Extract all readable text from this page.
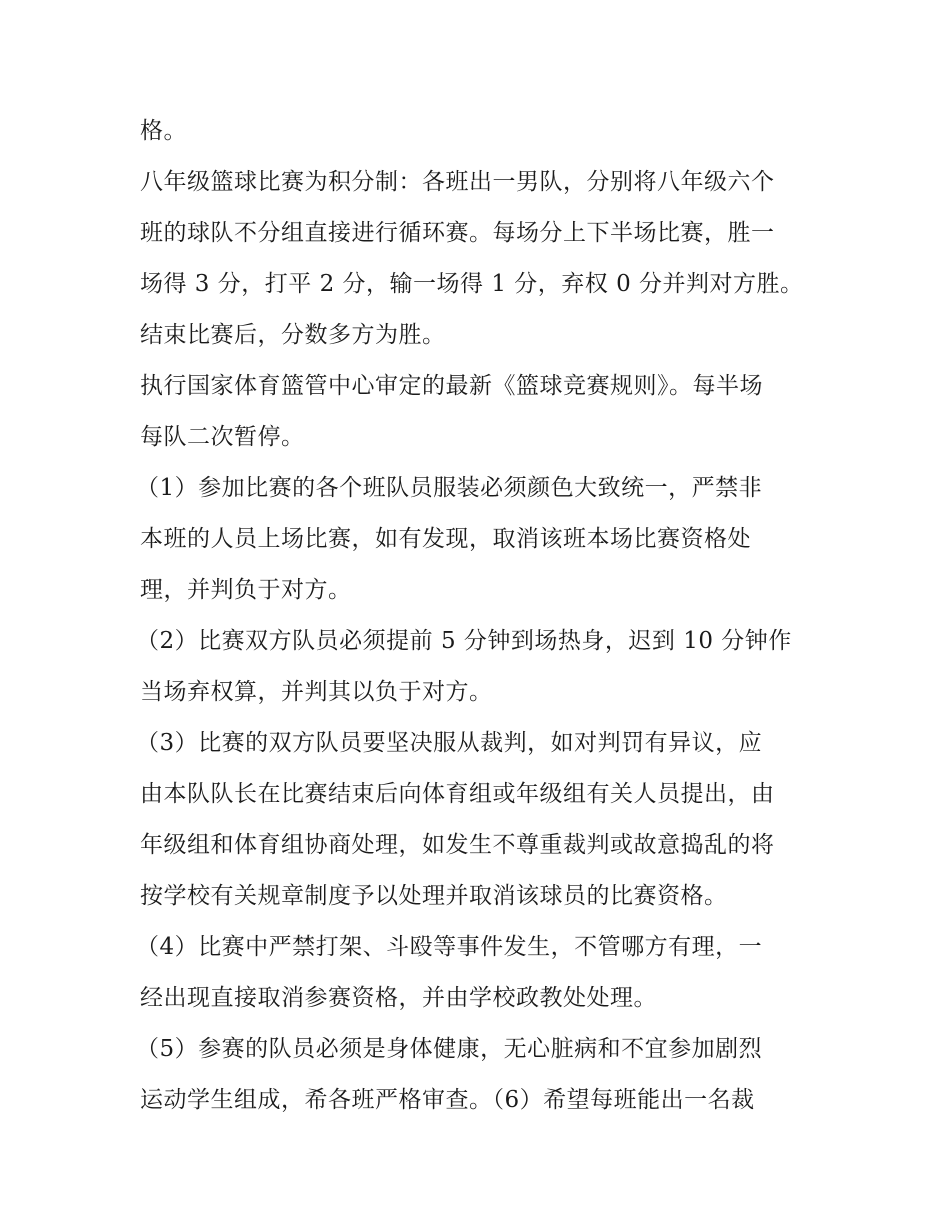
格。
八年级篮球比赛为积分制：各班出一男队，分别将八年级六个
班的球队不分组直接进行循环赛。每场分上下半场比赛，胜一
场得 3 分，打平 2 分，输一场得 1 分，弃权 0 分并判对方胜。
结束比赛后，分数多方为胜。
执行国家体育篮管中心审定的最新《篮球竞赛规则》。每半场
每队二次暂停。
（1）参加比赛的各个班队员服装必须颜色大致统一，严禁非
本班的人员上场比赛，如有发现，取消该班本场比赛资格处
理，并判负于对方。
（2）比赛双方队员必须提前 5 分钟到场热身，迟到 10 分钟作
当场弃权算，并判其以负于对方。
（3）比赛的双方队员要坚决服从裁判，如对判罚有异议，应
由本队队长在比赛结束后向体育组或年级组有关人员提出，由
年级组和体育组协商处理，如发生不尊重裁判或故意捣乱的将
按学校有关规章制度予以处理并取消该球员的比赛资格。
（4）比赛中严禁打架、斗殴等事件发生，不管哪方有理，一
经出现直接取消参赛资格，并由学校政教处处理。
（5）参赛的队员必须是身体健康，无心脏病和不宜参加剧烈
运动学生组成，希各班严格审查。（6）希望每班能出一名裁
